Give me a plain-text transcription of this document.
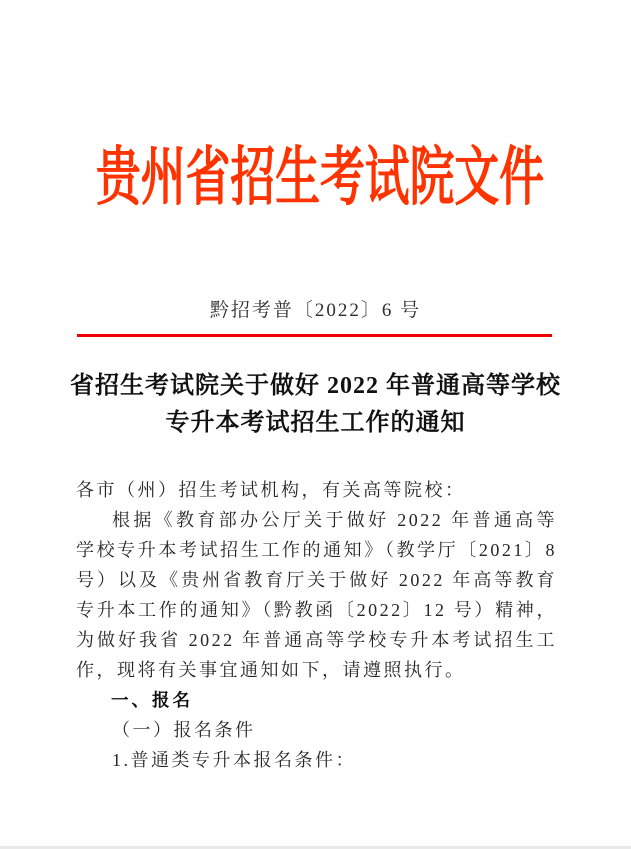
贵州省招生考试院文件
黔招考普〔2022〕6 号
省招生考试院关于做好 2022 年普通高等学校
专升本考试招生工作的通知
各市（州）招生考试机构，有关高等院校：
根据《教育部办公厅关于做好 2022 年普通高等学校专升本考试招生工作的通知》（教学厅〔2021〕8 号）以及《贵州省教育厅关于做好 2022 年高等教育专升本工作的通知》（黔教函〔2022〕12 号）精神，为做好我省 2022 年普通高等学校专升本考试招生工作，现将有关事宜通知如下，请遵照执行。
一、报名
（一）报名条件
1.普通类专升本报名条件：
